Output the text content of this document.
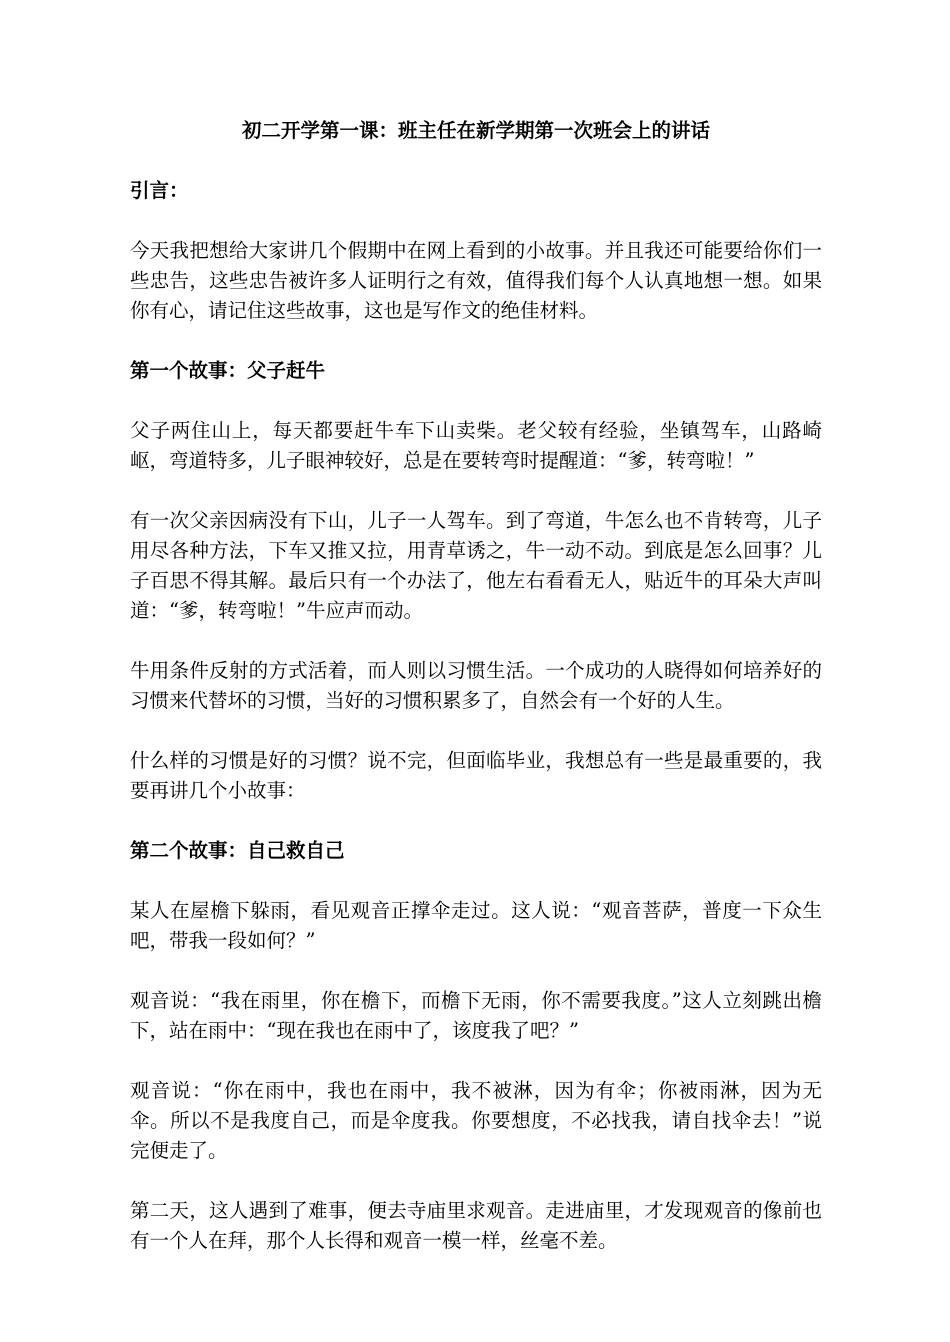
初二开学第一课：班主任在新学期第一次班会上的讲话
引言：
今天我把想给大家讲几个假期中在网上看到的小故事。并且我还可能要给你们一些忠告，这些忠告被许多人证明行之有效，值得我们每个人认真地想一想。如果你有心，请记住这些故事，这也是写作文的绝佳材料。
第一个故事：父子赶牛
父子两住山上，每天都要赶牛车下山卖柴。老父较有经验，坐镇驾车，山路崎岖，弯道特多，儿子眼神较好，总是在要转弯时提醒道：“爹，转弯啦！”
有一次父亲因病没有下山，儿子一人驾车。到了弯道，牛怎么也不肯转弯，儿子用尽各种方法，下车又推又拉，用青草诱之，牛一动不动。到底是怎么回事？儿子百思不得其解。最后只有一个办法了，他左右看看无人，贴近牛的耳朵大声叫道：“爹，转弯啦！”牛应声而动。
牛用条件反射的方式活着，而人则以习惯生活。一个成功的人晓得如何培养好的习惯来代替坏的习惯，当好的习惯积累多了，自然会有一个好的人生。
什么样的习惯是好的习惯？说不完，但面临毕业，我想总有一些是最重要的，我要再讲几个小故事：
第二个故事：自己救自己
某人在屋檐下躲雨，看见观音正撑伞走过。这人说：“观音菩萨，普度一下众生吧，带我一段如何？”
观音说：“我在雨里，你在檐下，而檐下无雨，你不需要我度。”这人立刻跳出檐下，站在雨中：“现在我也在雨中了，该度我了吧？”
观音说：“你在雨中，我也在雨中，我不被淋，因为有伞；你被雨淋，因为无伞。所以不是我度自己，而是伞度我。你要想度，不必找我，请自找伞去！”说完便走了。
第二天，这人遇到了难事，便去寺庙里求观音。走进庙里，才发现观音的像前也有一个人在拜，那个人长得和观音一模一样，丝毫不差。
